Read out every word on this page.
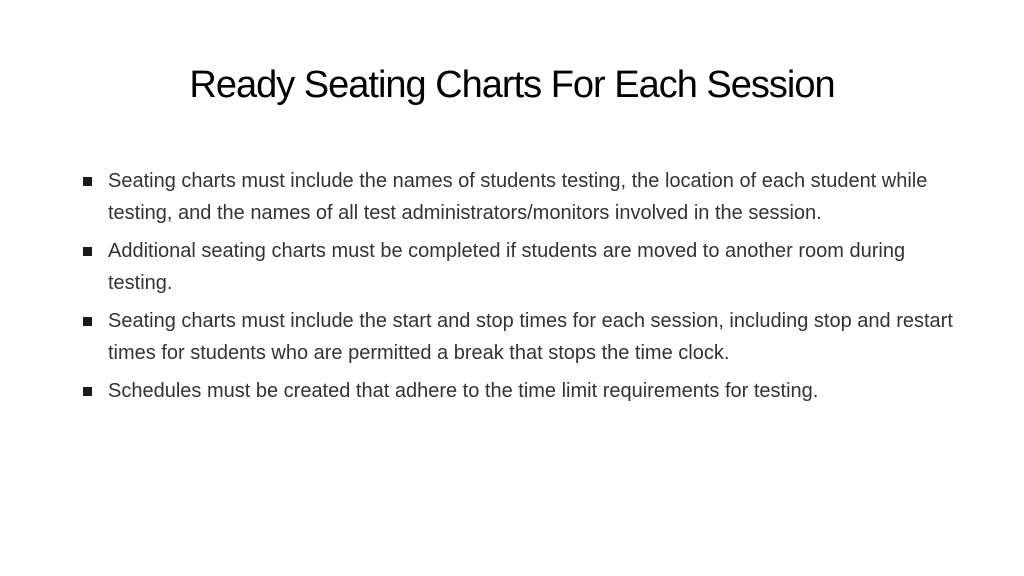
Ready Seating Charts For Each Session
Seating charts must include the names of students testing, the location of each student while testing, and the names of all test administrators/monitors involved in the session.
Additional seating charts must be completed if students are moved to another room during testing.
Seating charts must include the start and stop times for each session, including stop and restart times for students who are permitted a break that stops the time clock.
Schedules must be created that adhere to the time limit requirements for testing.
